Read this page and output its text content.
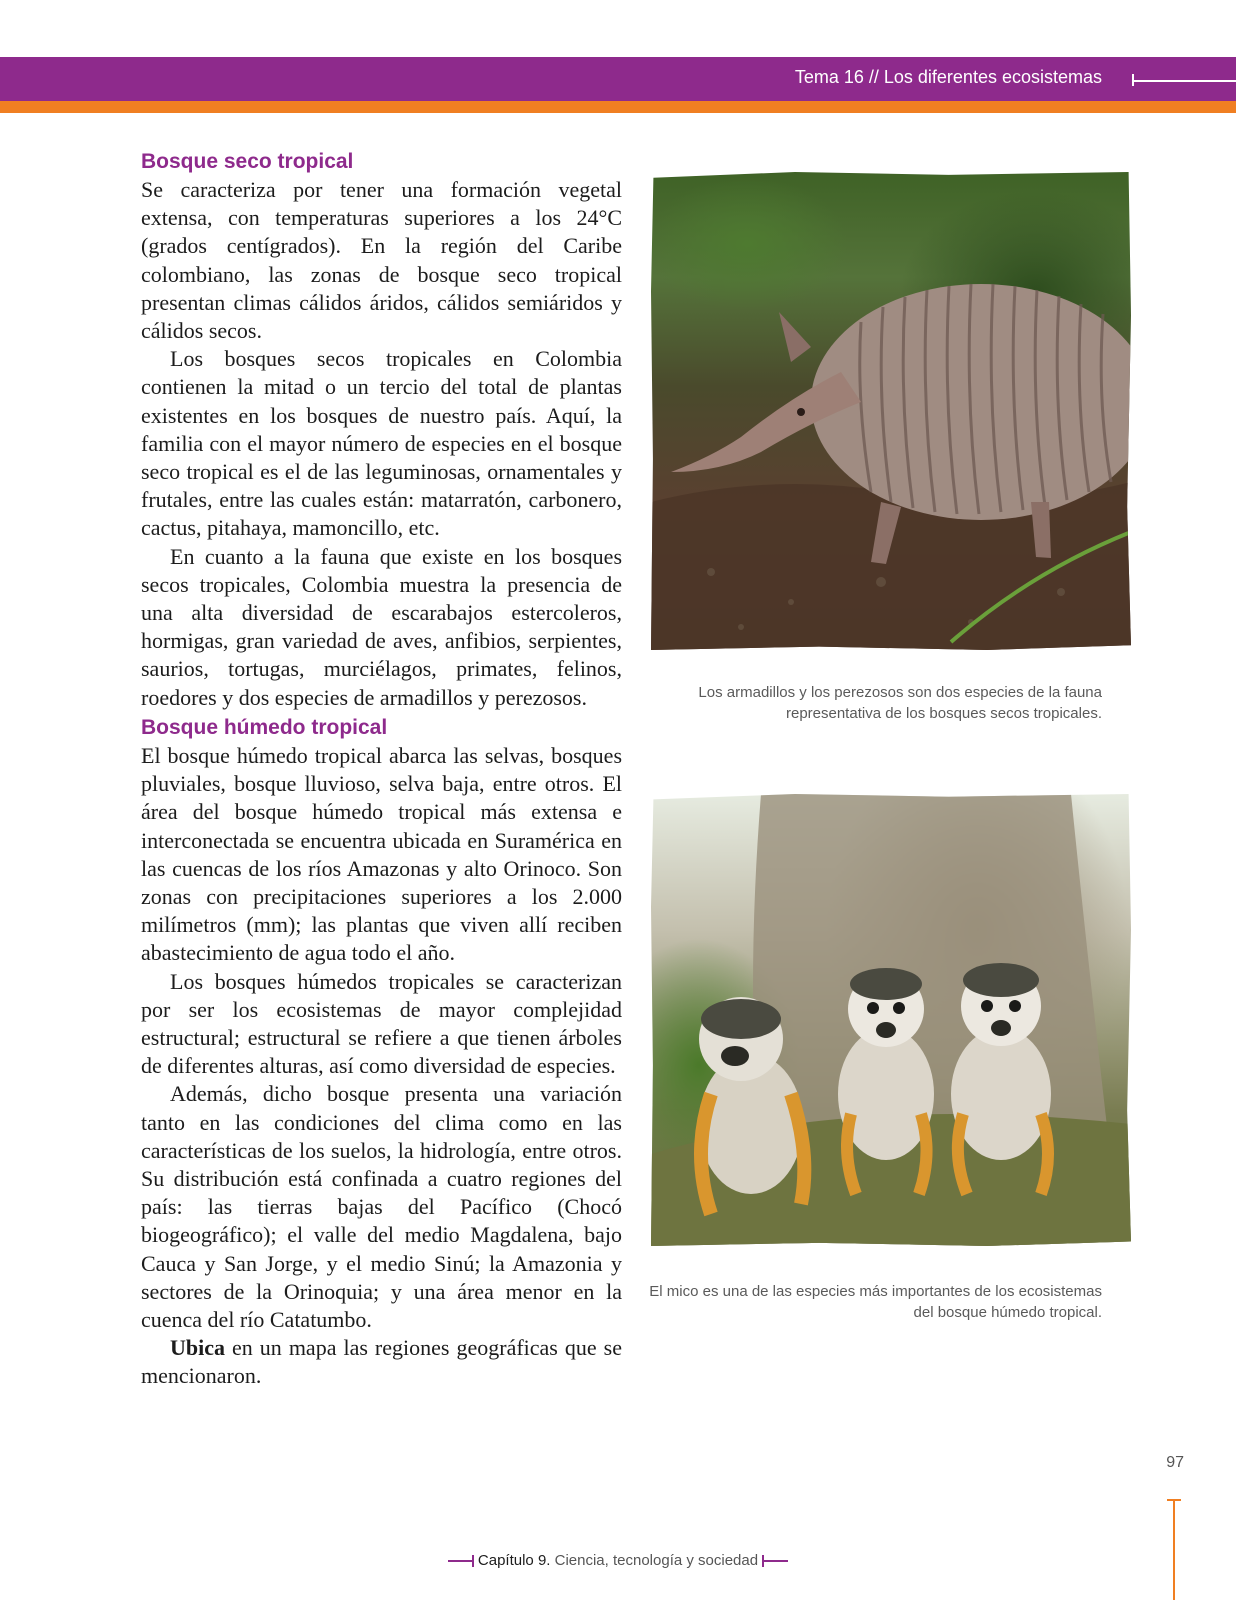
Tema 16 // Los diferentes ecosistemas
Bosque seco tropical

Se caracteriza por tener una formación vegetal extensa, con temperaturas superiores a los 24°C (grados centígrados). En la región del Caribe colombiano, las zonas de bosque seco tropical presentan climas cálidos áridos, cálidos semiáridos y cálidos secos.

Los bosques secos tropicales en Colombia contienen la mitad o un tercio del total de plantas existentes en los bosques de nuestro país. Aquí, la familia con el mayor número de especies en el bosque seco tropical es el de las leguminosas, ornamentales y frutales, entre las cuales están: matarratón, carbonero, cactus, pitahaya, mamoncillo, etc.

En cuanto a la fauna que existe en los bosques secos tropicales, Colombia muestra la presencia de una alta diversidad de escarabajos estercoleros, hormigas, gran variedad de aves, anfibios, serpientes, saurios, tortugas, murciélagos, primates, felinos, roedores y dos especies de armadillos y perezosos.

Bosque húmedo tropical

El bosque húmedo tropical abarca las selvas, bosques pluviales, bosque lluvioso, selva baja, entre otros. El área del bosque húmedo tropical más extensa e interconectada se encuentra ubicada en Suramérica en las cuencas de los ríos Amazonas y alto Orinoco. Son zonas con precipitaciones superiores a los 2.000 milímetros (mm); las plantas que viven allí reciben abastecimiento de agua todo el año.

Los bosques húmedos tropicales se caracterizan por ser los ecosistemas de mayor complejidad estructural; estructural se refiere a que tienen árboles de diferentes alturas, así como diversidad de especies.

Además, dicho bosque presenta una variación tanto en las condiciones del clima como en las características de los suelos, la hidrología, entre otros. Su distribución está confinada a cuatro regiones del país: las tierras bajas del Pacífico (Chocó biogeográfico); el valle del medio Magdalena, bajo Cauca y San Jorge, y el medio Sinú; la Amazonia y sectores de la Orinoquia; y una área menor en la cuenca del río Catatumbo.

Ubica en un mapa las regiones geográficas que se mencionaron.

Los armadillos y los perezosos son dos especies de la fauna representativa de los bosques secos tropicales.

El mico es una de las especies más importantes de los ecosistemas del bosque húmedo tropical.

97
Capítulo 9. Ciencia, tecnología y sociedad
